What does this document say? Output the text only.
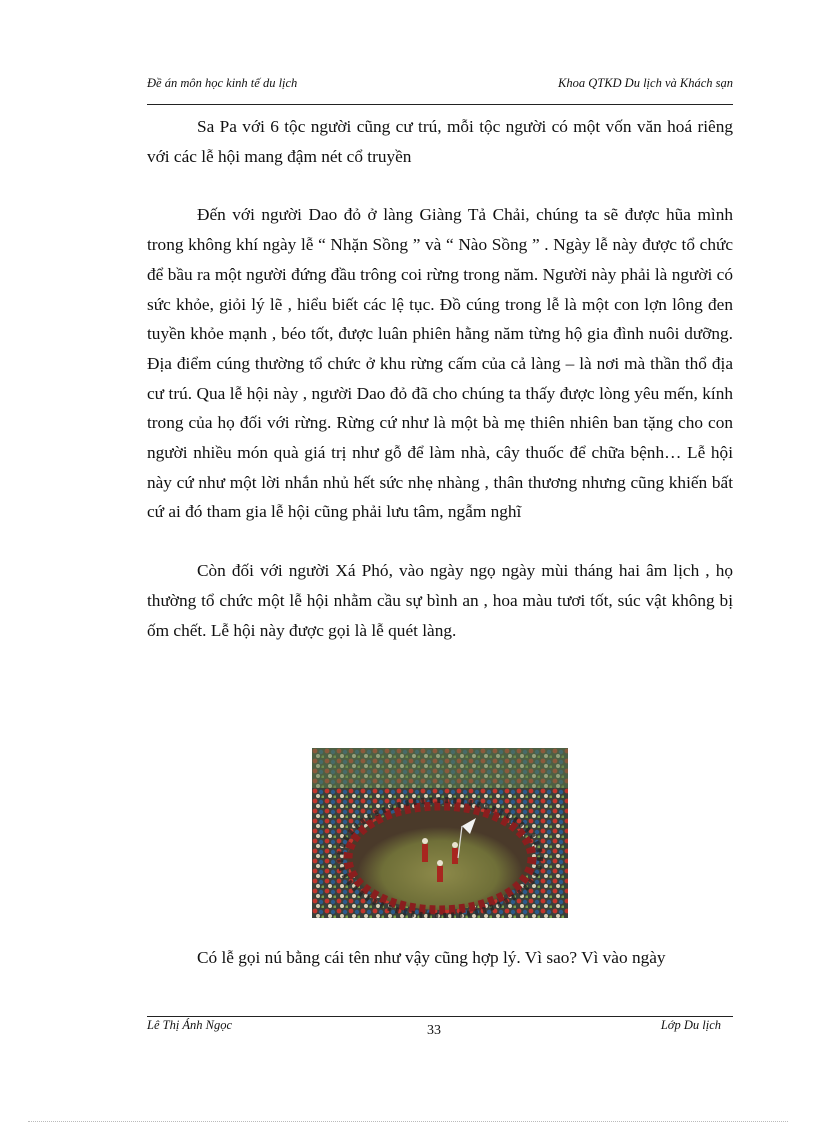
Đề án môn học kinh tế du lịch	Khoa QTKD Du lịch và Khách sạn

Sa Pa với 6 tộc người cũng cư trú, mỗi tộc người có một vốn văn hoá riêng với các lễ hội mang đậm nét cổ truyền

Đến với người Dao đỏ ở làng Giàng Tả Chải, chúng ta sẽ được hũa mình trong không khí ngày lễ “ Nhặn Sồng ” và “ Nào Sồng ” . Ngày lễ này được tổ chức để bầu ra một người đứng đầu trông coi rừng trong năm. Người này phải là người có sức khỏe, giỏi lý lẽ , hiểu biết các lệ tục. Đồ cúng trong lễ là một con lợn lông đen tuyền khỏe mạnh , béo tốt, được luân phiên hằng năm từng hộ gia đình nuôi dưỡng. Địa điểm cúng thường tổ chức ở khu rừng cấm của cả làng – là nơi mà thần thổ địa cư trú. Qua lễ hội này , người Dao đỏ đã cho chúng ta thấy được lòng yêu mến, kính trong của họ đối với rừng. Rừng cứ như là một bà mẹ thiên nhiên ban tặng cho con người nhiều món quà giá trị như gỗ để làm nhà, cây thuốc để chữa bệnh… Lễ hội này cứ như một lời nhắn nhủ hết sức nhẹ nhàng , thân thương nhưng cũng khiến bất cứ ai đó tham gia lễ hội cũng phải lưu tâm, ngẫm nghĩ

Còn đối với người Xá Phó, vào ngày ngọ ngày mùi tháng hai âm lịch , họ thường tổ chức một lễ hội nhằm cầu sự bình an , hoa màu tươi tốt, súc vật không bị ốm chết. Lễ hội này được gọi là lễ quét làng.

Có lễ gọi nú bằng cái tên như vậy cũng hợp lý. Vì sao? Vì vào ngày

Lê Thị Ánh Ngọc	33	Lớp Du lịch
